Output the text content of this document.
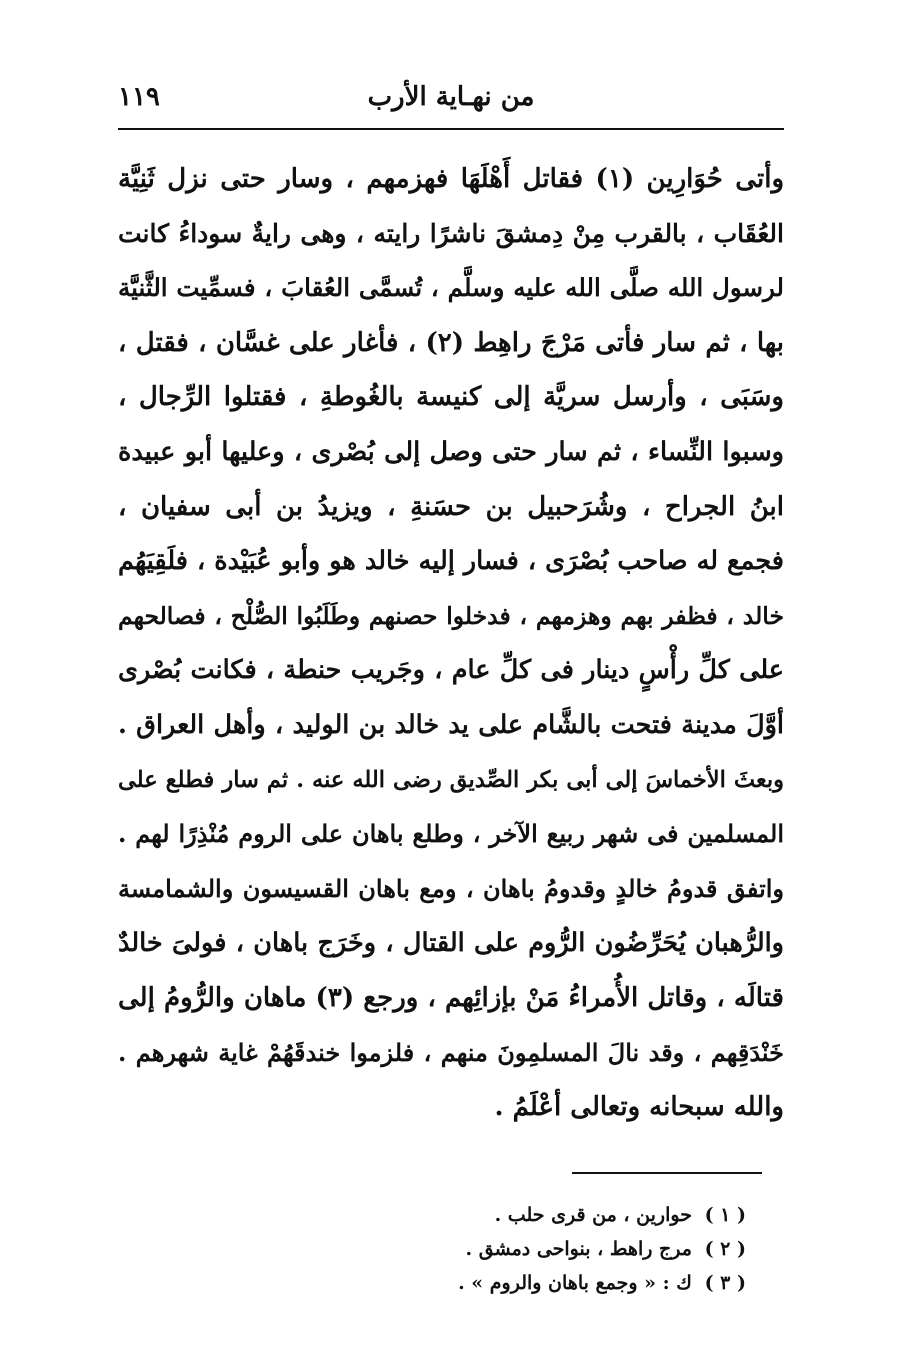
من نهـاية الأرب
١١٩
وأتى حُوَارِين (١) فقاتل أَهْلَهَا فهزمهم ، وسار حتى نزل ثَنِيَّة
العُقَاب ، بالقرب مِنْ دِمشقَ ناشرًا رايته ، وهى رايةٌ سوداءُ كانت
لرسول الله صلَّى الله عليه وسلَّم ، تُسمَّى العُقابَ ، فسمِّيت الثَّنيَّة
بها ، ثم سار فأتى مَرْجَ راهِط (٢) ، فأغار على غسَّان ، فقتل ،
وسَبَى ، وأرسل سريَّة إلى كنيسة بالغُوطةِ ، فقتلوا الرِّجال ،
وسبوا النِّساء ، ثم سار حتى وصل إلى بُصْرى ، وعليها أبو عبيدة
ابنُ الجراح ، وشُرَحبيل بن حسَنةِ ، ويزيدُ بن أبى سفيان ،
فجمع له صاحب بُصْرَى ، فسار إليه خالد هو وأبو عُبَيْدة ، فلَقِيَهُم
خالد ، فظفر بهم وهزمهم ، فدخلوا حصنهم وطَلَبُوا الصُّلْح ، فصالحهم
على كلِّ رأْسٍ دينار فى كلِّ عام ، وجَريب حنطة ، فكانت بُصْرى
أوَّلَ مدينة فتحت بالشَّام على يد خالد بن الوليد ، وأهل العراق .
وبعثَ الأخماسَ إلى أبى بكر الصِّديق رضى الله عنه . ثم سار فطلع على
المسلمين فى شهر ربيع الآخر ، وطلع باهان على الروم مُنْذِرًا لهم .
واتفق قدومُ خالدٍ وقدومُ باهان ، ومع باهان القسيسون والشمامسة
والرُّهبان يُحَرِّضُون الرُّوم على القتال ، وخَرَج باهان ، فولىَ خالدٌ
قتالَه ، وقاتل الأُمراءُ مَنْ بإزائِهم ، ورجع (٣) ماهان والرُّومُ إلى
خَنْدَقِهم ، وقد نالَ المسلمِونَ منهم ، فلزموا خندقَهُمْ غاية شهرهم .
والله سبحانه وتعالى أعْلَمُ .
( ١ ) حوارين ، من قرى حلب .
( ٢ ) مرج راهط ، بنواحى دمشق .
( ٣ ) ك : « وجمع باهان والروم » .
